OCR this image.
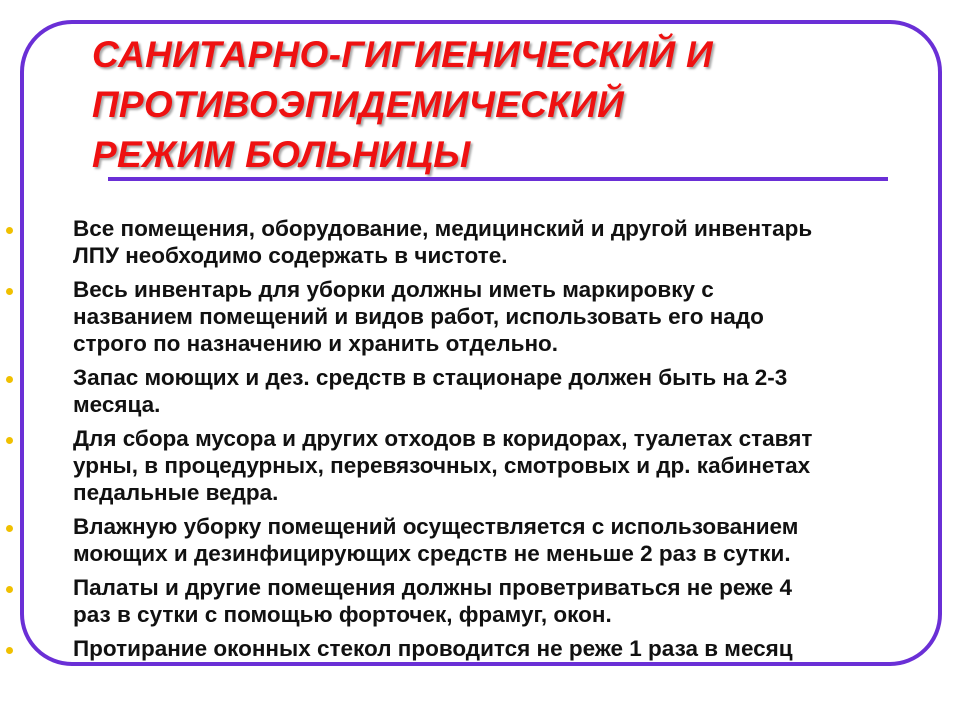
САНИТАРНО-ГИГИЕНИЧЕСКИЙ И
ПРОТИВОЭПИДЕМИЧЕСКИЙ
РЕЖИМ БОЛЬНИЦЫ
Все помещения, оборудование, медицинский и другой инвентарь
ЛПУ необходимо содержать в чистоте.
Весь инвентарь для уборки должны иметь маркировку с
названием помещений и видов работ, использовать его надо
строго по назначению и хранить отдельно.
Запас моющих и дез. средств в стационаре должен быть на 2-3
месяца.
Для сбора мусора и других отходов в коридорах, туалетах ставят
урны, в процедурных, перевязочных, смотровых и др. кабинетах
педальные ведра.
Влажную уборку помещений осуществляется с использованием
моющих и дезинфицирующих средств не меньше 2 раз в сутки.
Палаты и другие помещения должны проветриваться не реже 4
раз в сутки с помощью форточек, фрамуг, окон.
Протирание оконных стекол проводится не реже 1 раза в месяц
